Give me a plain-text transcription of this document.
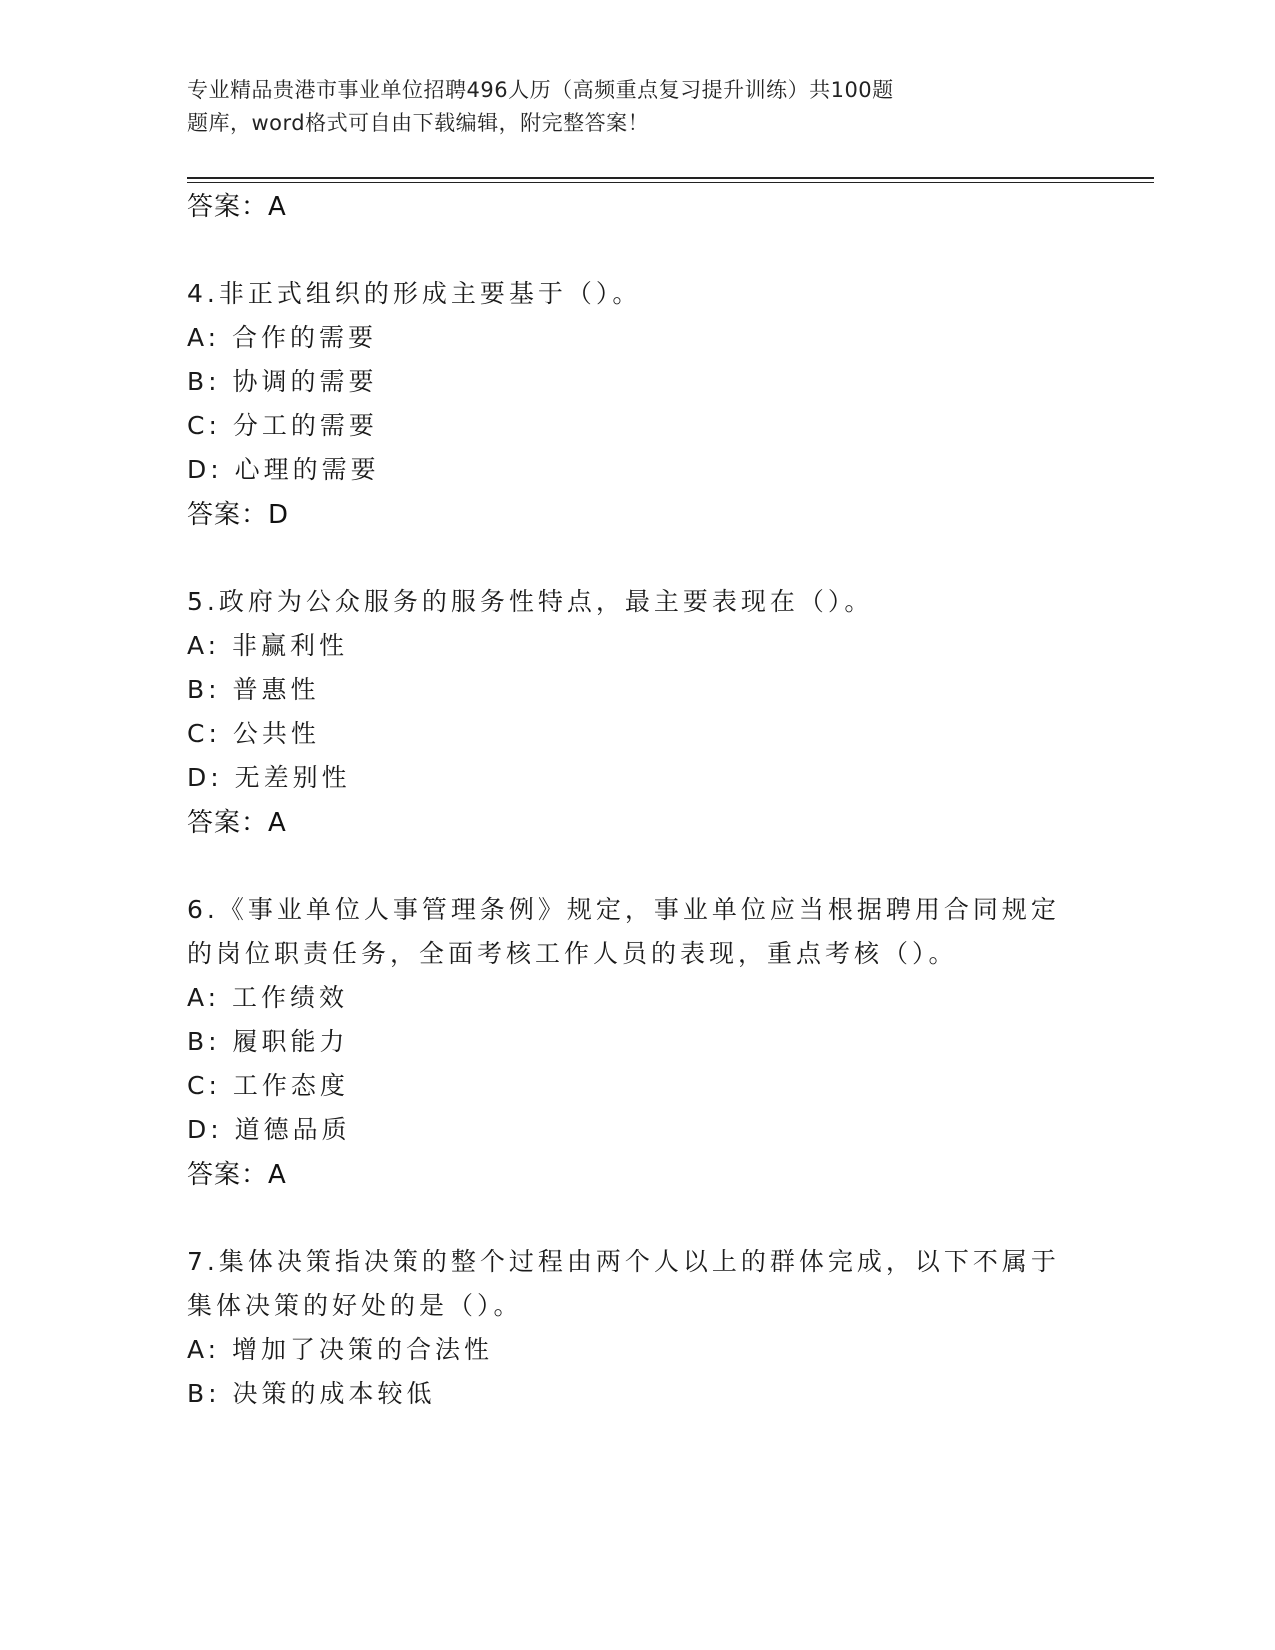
专业精品贵港市事业单位招聘496人历（高频重点复习提升训练）共100题
题库，word格式可自由下载编辑，附完整答案！
答案：A
4.非正式组织的形成主要基于（）。
A: 合作的需要
B: 协调的需要
C: 分工的需要
D: 心理的需要
答案：D
5.政府为公众服务的服务性特点，最主要表现在（）。
A: 非赢利性
B: 普惠性
C: 公共性
D: 无差别性
答案：A
6.《事业单位人事管理条例》规定，事业单位应当根据聘用合同规定
的岗位职责任务，全面考核工作人员的表现，重点考核（）。
A: 工作绩效
B: 履职能力
C: 工作态度
D: 道德品质
答案：A
7.集体决策指决策的整个过程由两个人以上的群体完成，以下不属于
集体决策的好处的是（）。
A: 增加了决策的合法性
B: 决策的成本较低
